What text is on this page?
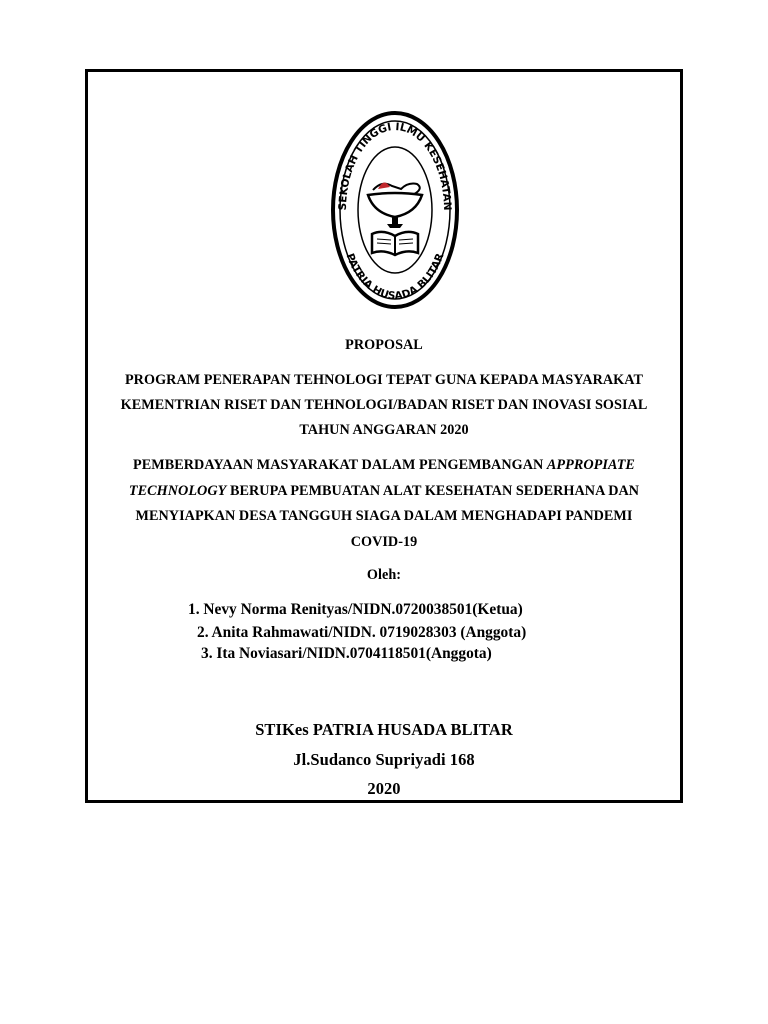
SEKOLAH TINGGI ILMU KESEHATAN
PATRIA HUSADA BLITAR
PROPOSAL
PROGRAM PENERAPAN TEHNOLOGI TEPAT GUNA KEPADA MASYARAKAT
KEMENTRIAN RISET DAN TEHNOLOGI/BADAN RISET DAN INOVASI SOSIAL
TAHUN ANGGARAN 2020
PEMBERDAYAAN MASYARAKAT DALAM PENGEMBANGAN APPROPIATE
TECHNOLOGY BERUPA PEMBUATAN ALAT KESEHATAN SEDERHANA DAN
MENYIAPKAN DESA TANGGUH SIAGA DALAM MENGHADAPI PANDEMI
COVID-19
Oleh:
1. Nevy Norma Renityas/NIDN.0720038501(Ketua)
2. Anita Rahmawati/NIDN. 0719028303 (Anggota)
3. Ita Noviasari/NIDN.0704118501(Anggota)
STIKes PATRIA HUSADA BLITAR
Jl.Sudanco Supriyadi 168
2020
